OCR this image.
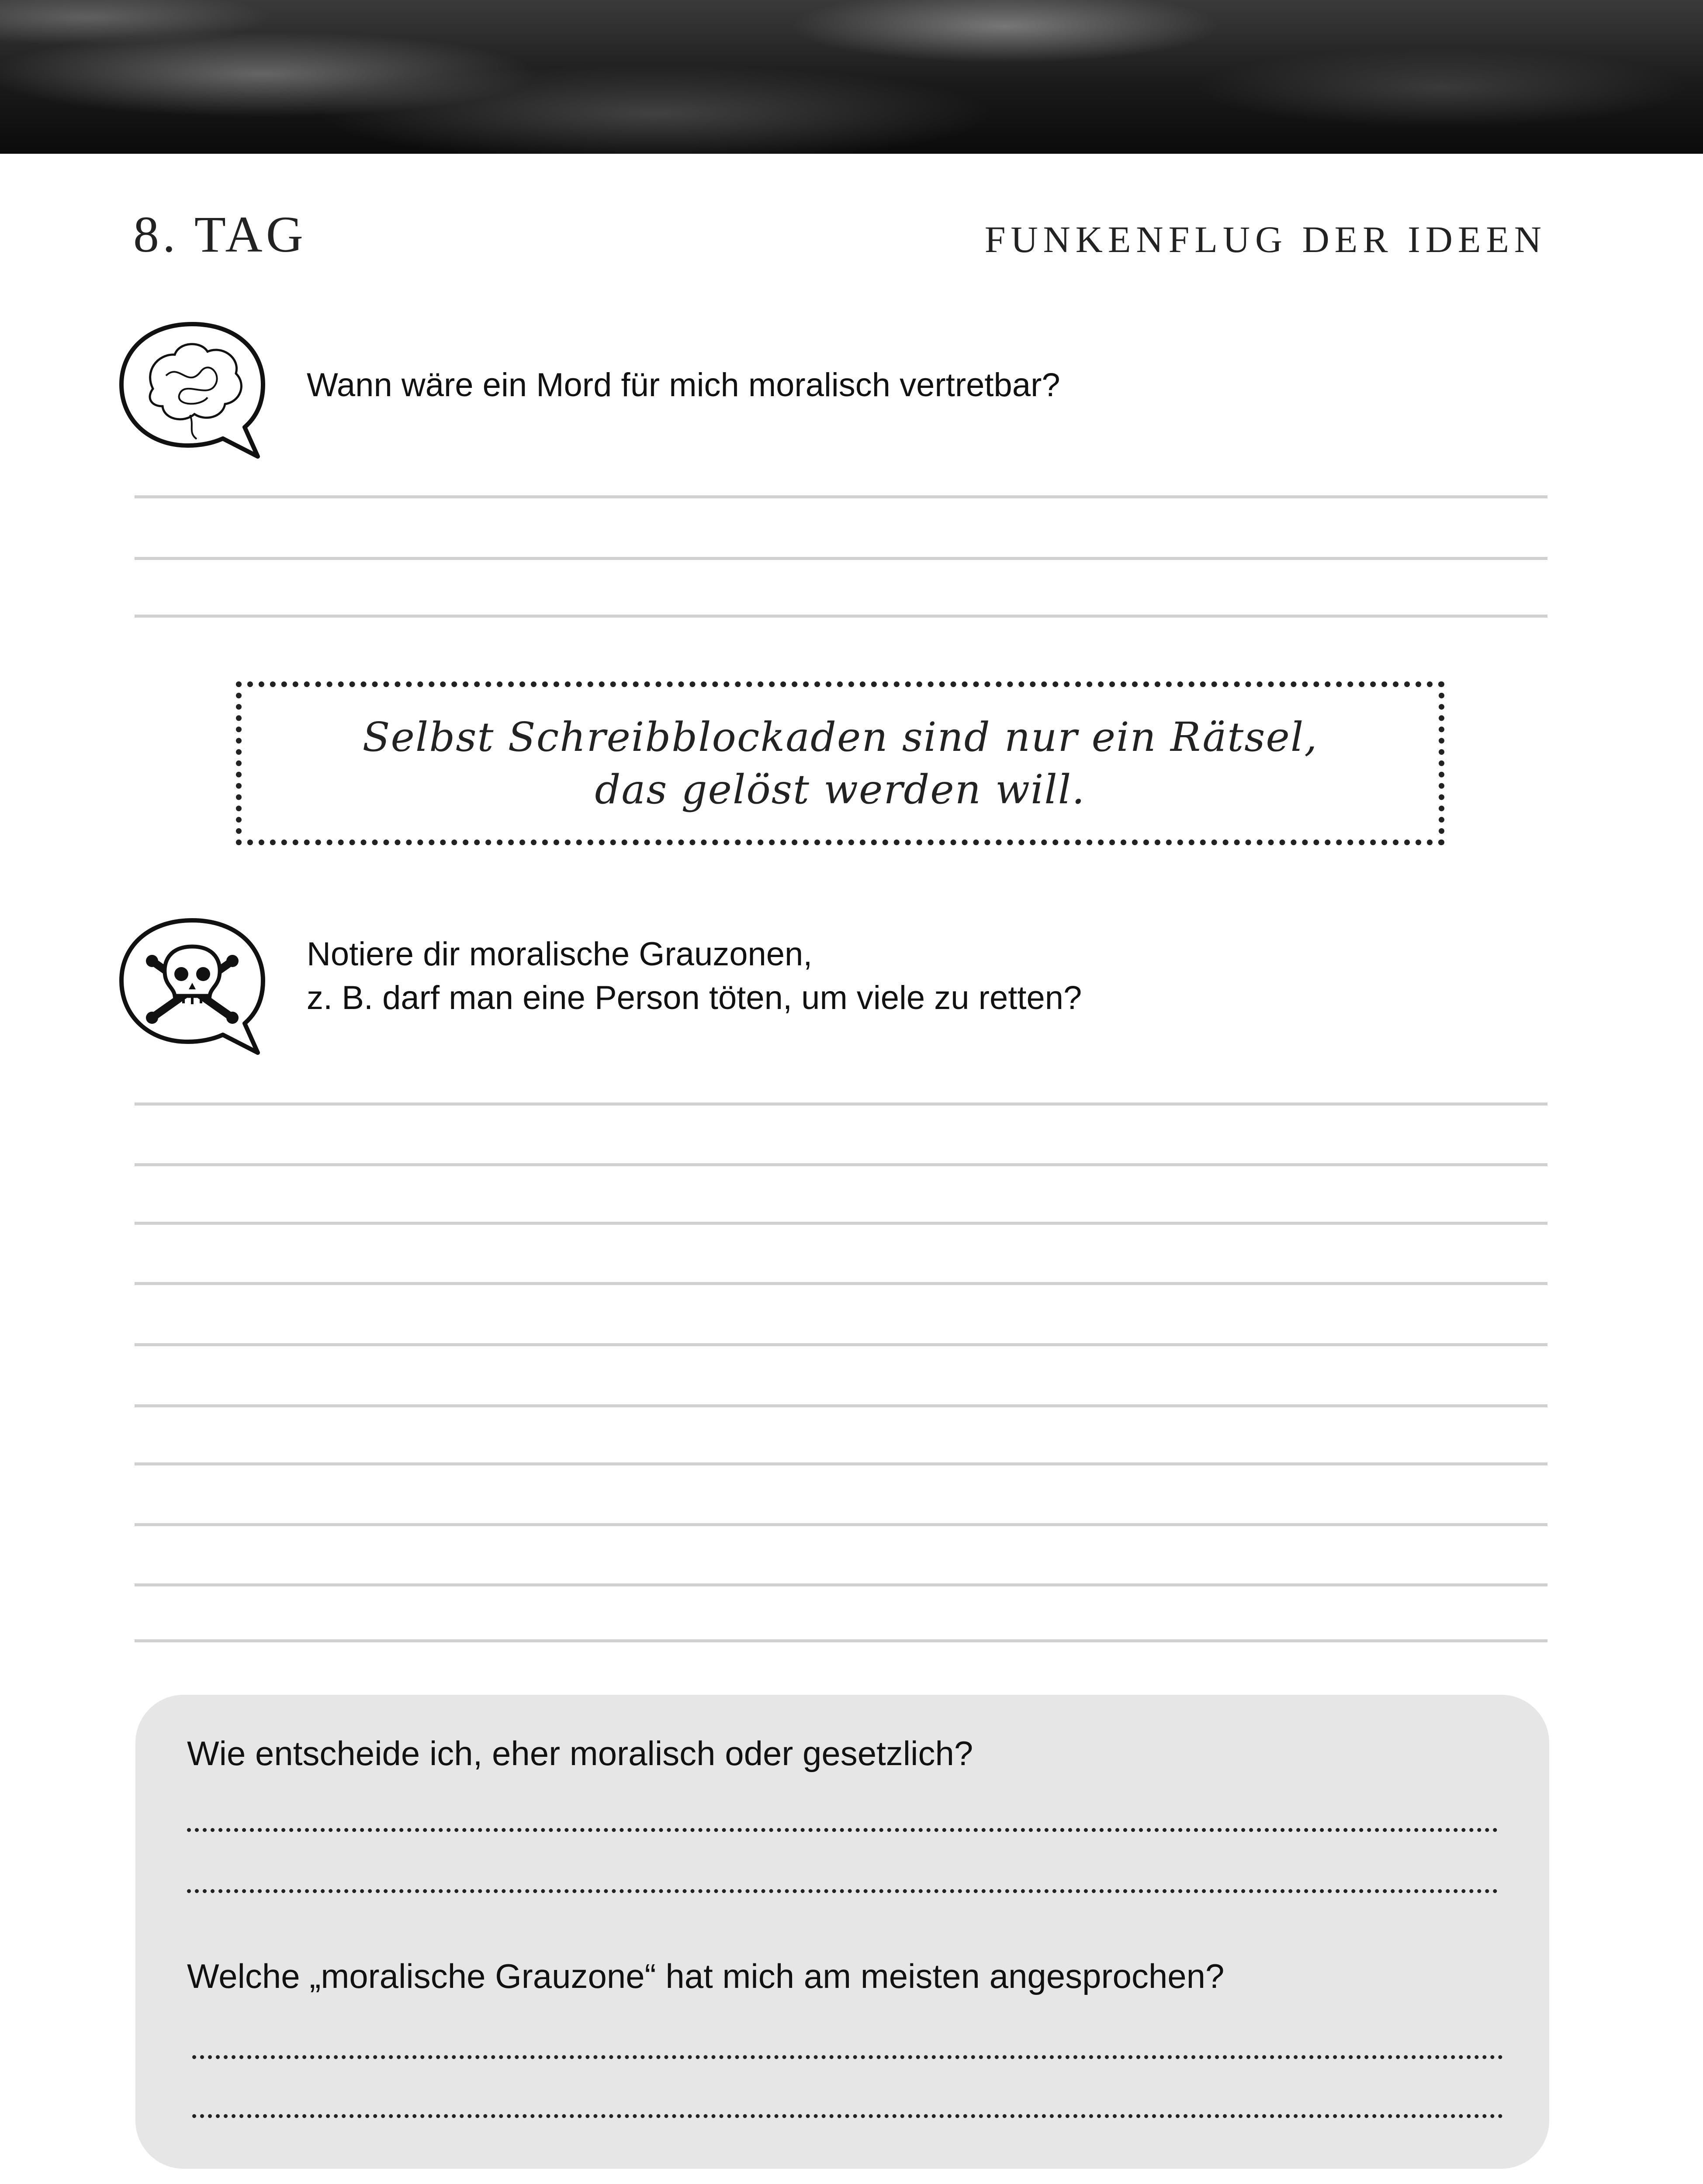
8. TAG	FUNKENFLUG DER IDEEN
Wann wäre ein Mord für mich moralisch vertretbar?
Selbst Schreibblockaden sind nur ein Rätsel,
das gelöst werden will.
Notiere dir moralische Grauzonen,
z. B. darf man eine Person töten, um viele zu retten?
Wie entscheide ich, eher moralisch oder gesetzlich?
Welche „moralische Grauzone“ hat mich am meisten angesprochen?
